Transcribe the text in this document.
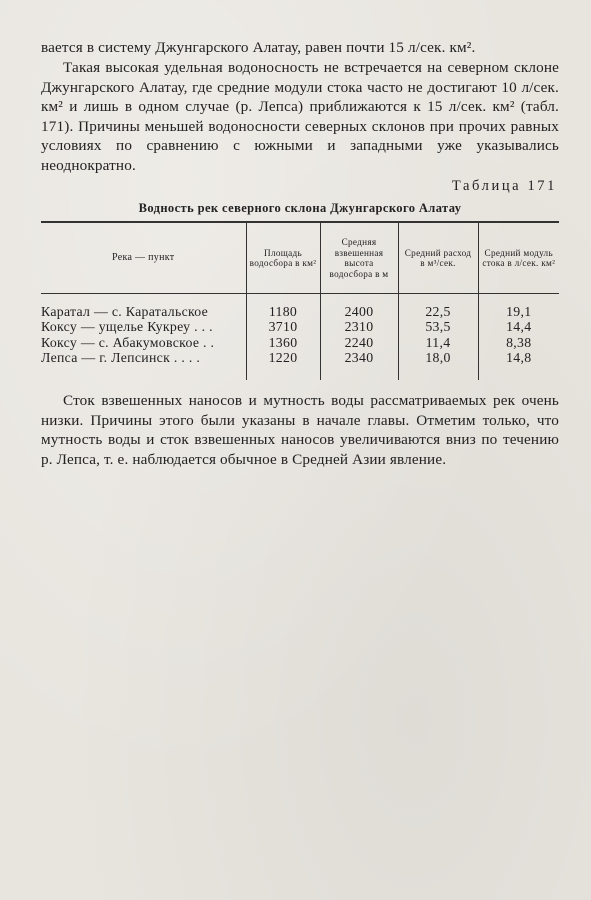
вается в систему Джунгарского Алатау, равен почти 15 л/сек. км².

Такая высокая удельная водоносность не встречается на северном склоне Джунгарского Алатау, где средние модули стока часто не достигают 10 л/сек. км² и лишь в одном случае (р. Лепса) приближаются к 15 л/сек. км² (табл. 171). Причины меньшей водоносности северных склонов при прочих равных условиях по сравнению с южными и западными уже указывались неоднократно.

Таблица 171

Водность рек северного склона Джунгарского Алатау

Река — пункт	Площадь водосбора в км²	Средняя взвешенная высота водосбора в м	Средний расход в м³/сек.	Средний модуль стока в л/сек. км²
Каратал — с. Каратальское	1180	2400	22,5	19,1
Коксу — ущелье Кукреу . . .	3710	2310	53,5	14,4
Коксу — с. Абакумовское . .	1360	2240	11,4	8,38
Лепса — г. Лепсинск . . . .	1220	2340	18,0	14,8

Сток взвешенных наносов и мутность воды рассматриваемых рек очень низки. Причины этого были указаны в начале главы. Отметим только, что мутность воды и сток взвешенных наносов увеличиваются вниз по течению р. Лепса, т. е. наблюдается обычное в Средней Азии явление.
